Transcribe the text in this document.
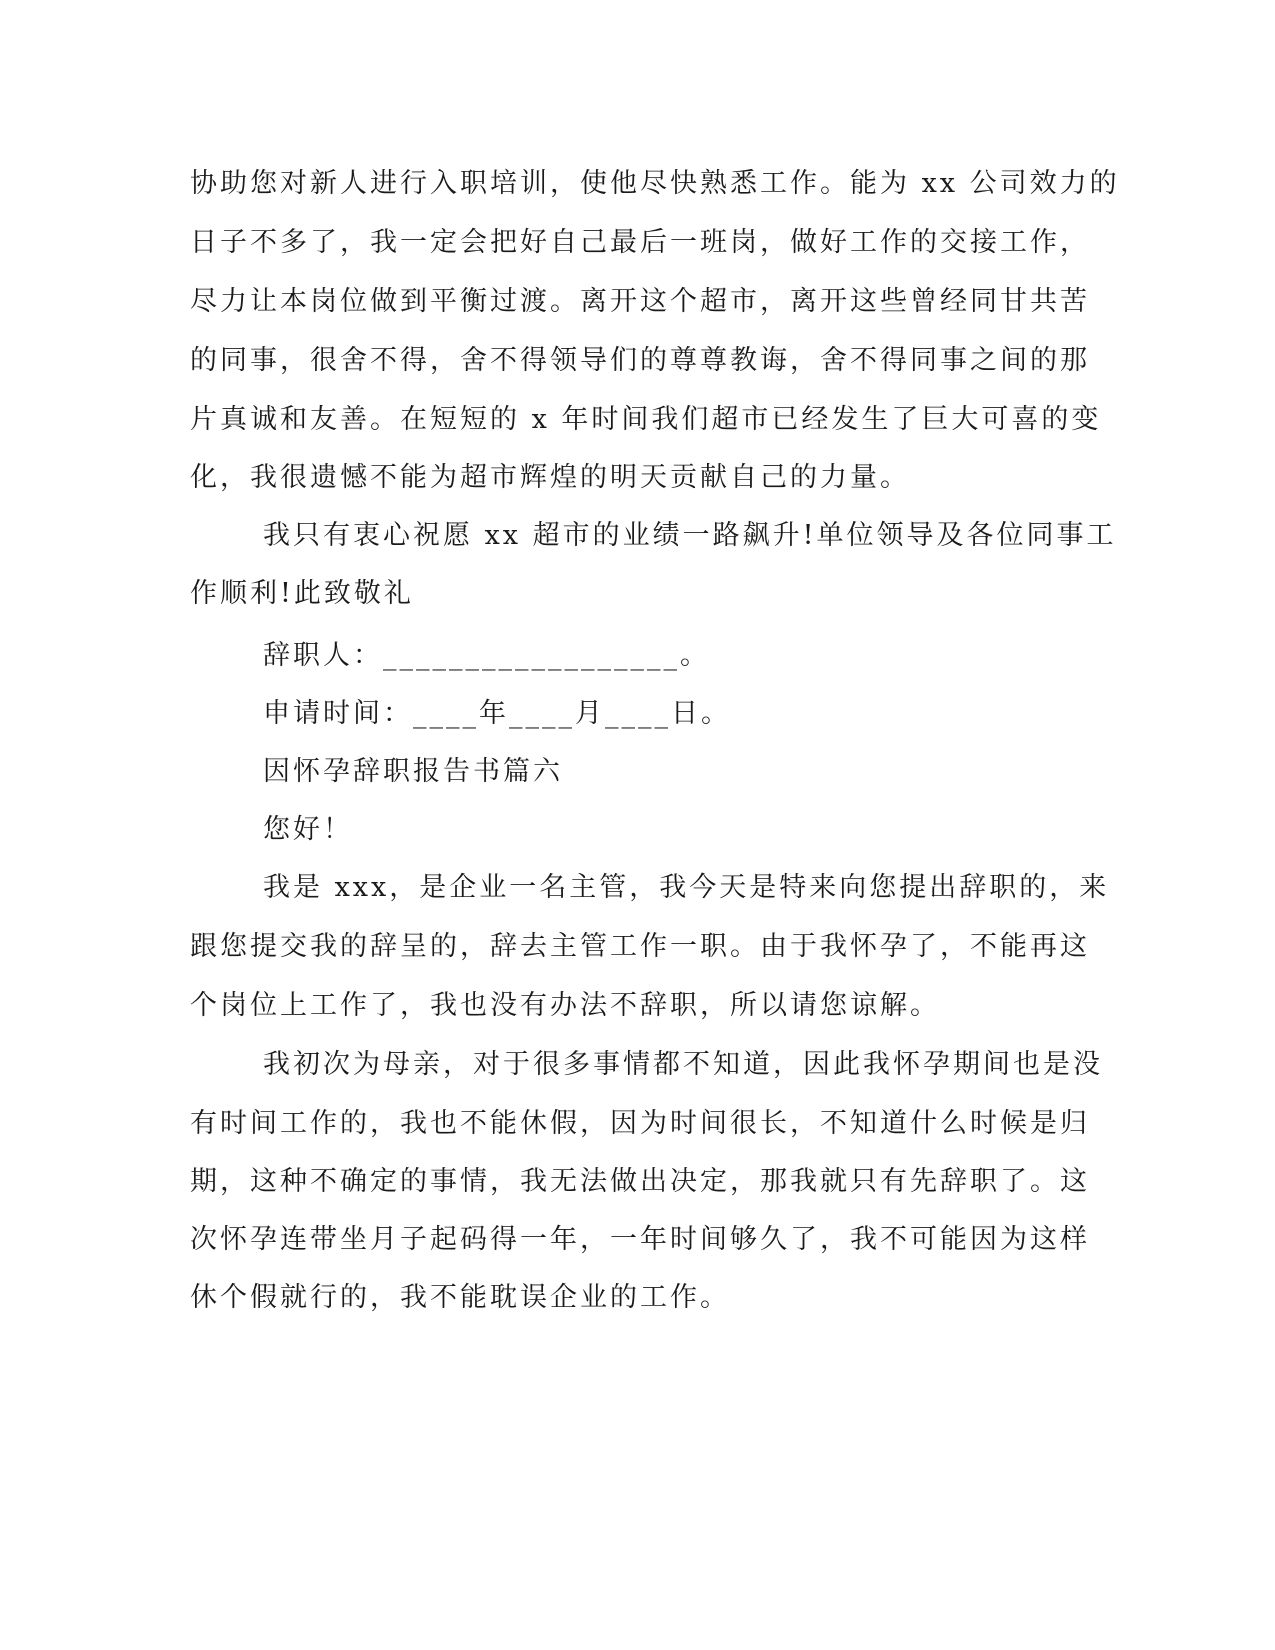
协助您对新人进行入职培训，使他尽快熟悉工作。能为 xx 公司效力的
日子不多了，我一定会把好自己最后一班岗，做好工作的交接工作，
尽力让本岗位做到平衡过渡。离开这个超市，离开这些曾经同甘共苦
的同事，很舍不得，舍不得领导们的尊尊教诲，舍不得同事之间的那
片真诚和友善。在短短的 x 年时间我们超市已经发生了巨大可喜的变
化，我很遗憾不能为超市辉煌的明天贡献自己的力量。
我只有衷心祝愿 xx 超市的业绩一路飙升!单位领导及各位同事工
作顺利!此致敬礼
辞职人：__________________。
申请时间：____年____月____日。
因怀孕辞职报告书篇六
您好！
我是 xxx，是企业一名主管，我今天是特来向您提出辞职的，来
跟您提交我的辞呈的，辞去主管工作一职。由于我怀孕了，不能再这
个岗位上工作了，我也没有办法不辞职，所以请您谅解。
我初次为母亲，对于很多事情都不知道，因此我怀孕期间也是没
有时间工作的，我也不能休假，因为时间很长，不知道什么时候是归
期，这种不确定的事情，我无法做出决定，那我就只有先辞职了。这
次怀孕连带坐月子起码得一年，一年时间够久了，我不可能因为这样
休个假就行的，我不能耽误企业的工作。
